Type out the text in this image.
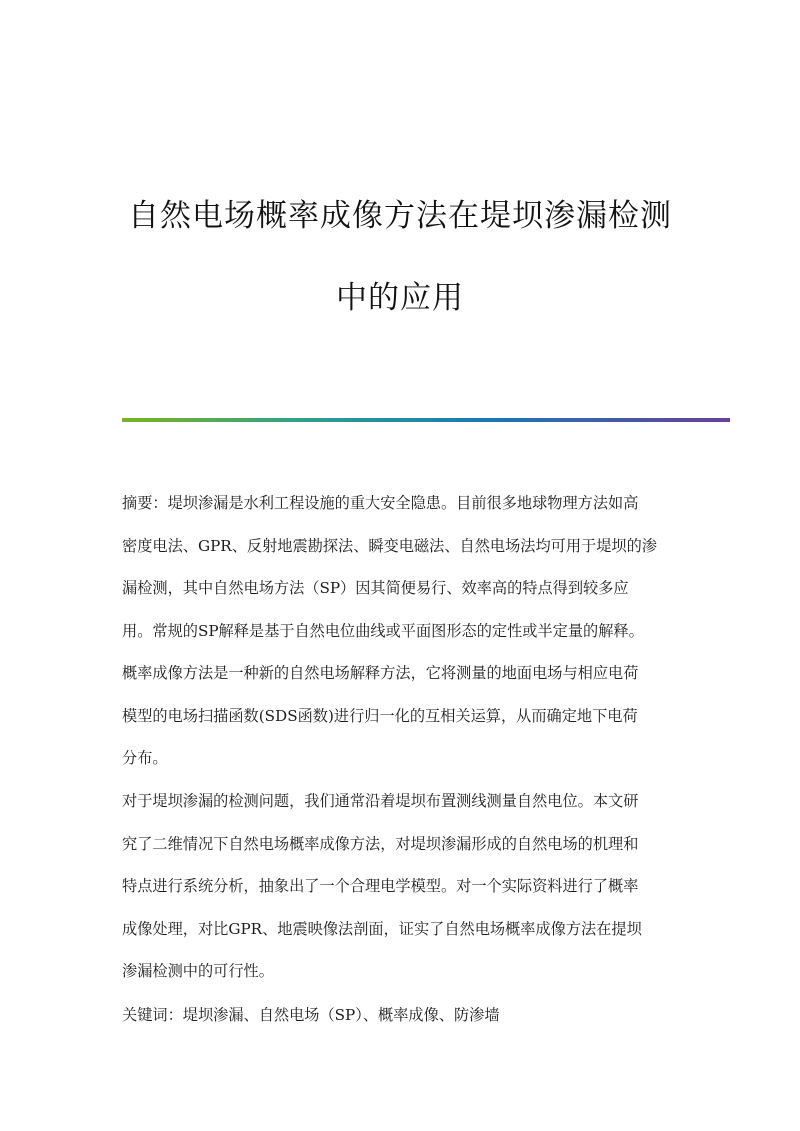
自然电场概率成像方法在堤坝渗漏检测
中的应用
摘要：堤坝渗漏是水利工程设施的重大安全隐患。目前很多地球物理方法如高
密度电法、GPR、反射地震勘探法、瞬变电磁法、自然电场法均可用于堤坝的渗
漏检测，其中自然电场方法（SP）因其简便易行、效率高的特点得到较多应
用。常规的SP解释是基于自然电位曲线或平面图形态的定性或半定量的解释。
概率成像方法是一种新的自然电场解释方法，它将测量的地面电场与相应电荷
模型的电场扫描函数(SDS函数)进行归一化的互相关运算，从而确定地下电荷
分布。
对于堤坝渗漏的检测问题，我们通常沿着堤坝布置测线测量自然电位。本文研
究了二维情况下自然电场概率成像方法，对堤坝渗漏形成的自然电场的机理和
特点进行系统分析，抽象出了一个合理电学模型。对一个实际资料进行了概率
成像处理，对比GPR、地震映像法剖面，证实了自然电场概率成像方法在提坝
渗漏检测中的可行性。
关键词：堤坝渗漏、自然电场（SP）、概率成像、防渗墙
